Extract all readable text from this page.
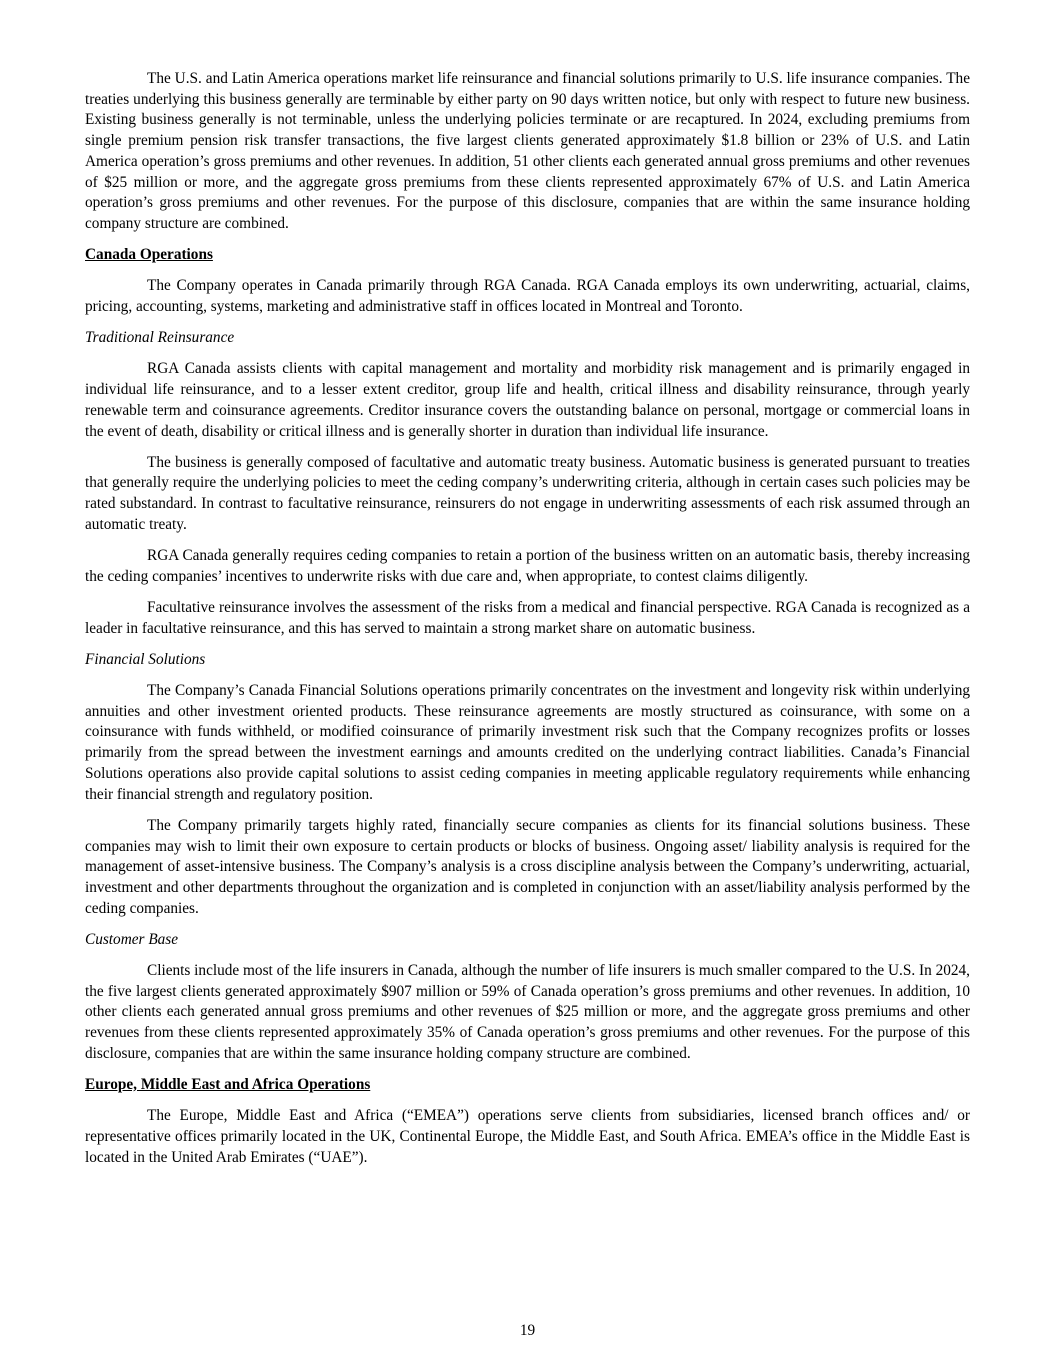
The U.S. and Latin America operations market life reinsurance and financial solutions primarily to U.S. life insurance companies. The treaties underlying this business generally are terminable by either party on 90 days written notice, but only with respect to future new business. Existing business generally is not terminable, unless the underlying policies terminate or are recaptured. In 2024, excluding premiums from single premium pension risk transfer transactions, the five largest clients generated approximately $1.8 billion or 23% of U.S. and Latin America operation’s gross premiums and other revenues. In addition, 51 other clients each generated annual gross premiums and other revenues of $25 million or more, and the aggregate gross premiums from these clients represented approximately 67% of U.S. and Latin America operation’s gross premiums and other revenues. For the purpose of this disclosure, companies that are within the same insurance holding company structure are combined.

Canada Operations

The Company operates in Canada primarily through RGA Canada. RGA Canada employs its own underwriting, actuarial, claims, pricing, accounting, systems, marketing and administrative staff in offices located in Montreal and Toronto.

Traditional Reinsurance

RGA Canada assists clients with capital management and mortality and morbidity risk management and is primarily engaged in individual life reinsurance, and to a lesser extent creditor, group life and health, critical illness and disability reinsurance, through yearly renewable term and coinsurance agreements. Creditor insurance covers the outstanding balance on personal, mortgage or commercial loans in the event of death, disability or critical illness and is generally shorter in duration than individual life insurance.

The business is generally composed of facultative and automatic treaty business. Automatic business is generated pursuant to treaties that generally require the underlying policies to meet the ceding company’s underwriting criteria, although in certain cases such policies may be rated substandard. In contrast to facultative reinsurance, reinsurers do not engage in underwriting assessments of each risk assumed through an automatic treaty.

RGA Canada generally requires ceding companies to retain a portion of the business written on an automatic basis, thereby increasing the ceding companies’ incentives to underwrite risks with due care and, when appropriate, to contest claims diligently.

Facultative reinsurance involves the assessment of the risks from a medical and financial perspective. RGA Canada is recognized as a leader in facultative reinsurance, and this has served to maintain a strong market share on automatic business.

Financial Solutions

The Company’s Canada Financial Solutions operations primarily concentrates on the investment and longevity risk within underlying annuities and other investment oriented products. These reinsurance agreements are mostly structured as coinsurance, with some on a coinsurance with funds withheld, or modified coinsurance of primarily investment risk such that the Company recognizes profits or losses primarily from the spread between the investment earnings and amounts credited on the underlying contract liabilities. Canada’s Financial Solutions operations also provide capital solutions to assist ceding companies in meeting applicable regulatory requirements while enhancing their financial strength and regulatory position.

The Company primarily targets highly rated, financially secure companies as clients for its financial solutions business. These companies may wish to limit their own exposure to certain products or blocks of business. Ongoing asset/ liability analysis is required for the management of asset-intensive business. The Company’s analysis is a cross discipline analysis between the Company’s underwriting, actuarial, investment and other departments throughout the organization and is completed in conjunction with an asset/liability analysis performed by the ceding companies.

Customer Base

Clients include most of the life insurers in Canada, although the number of life insurers is much smaller compared to the U.S. In 2024, the five largest clients generated approximately $907 million or 59% of Canada operation’s gross premiums and other revenues. In addition, 10 other clients each generated annual gross premiums and other revenues of $25 million or more, and the aggregate gross premiums and other revenues from these clients represented approximately 35% of Canada operation’s gross premiums and other revenues. For the purpose of this disclosure, companies that are within the same insurance holding company structure are combined.

Europe, Middle East and Africa Operations

The Europe, Middle East and Africa (“EMEA”) operations serve clients from subsidiaries, licensed branch offices and/ or representative offices primarily located in the UK, Continental Europe, the Middle East, and South Africa. EMEA’s office in the Middle East is located in the United Arab Emirates (“UAE”).

19
